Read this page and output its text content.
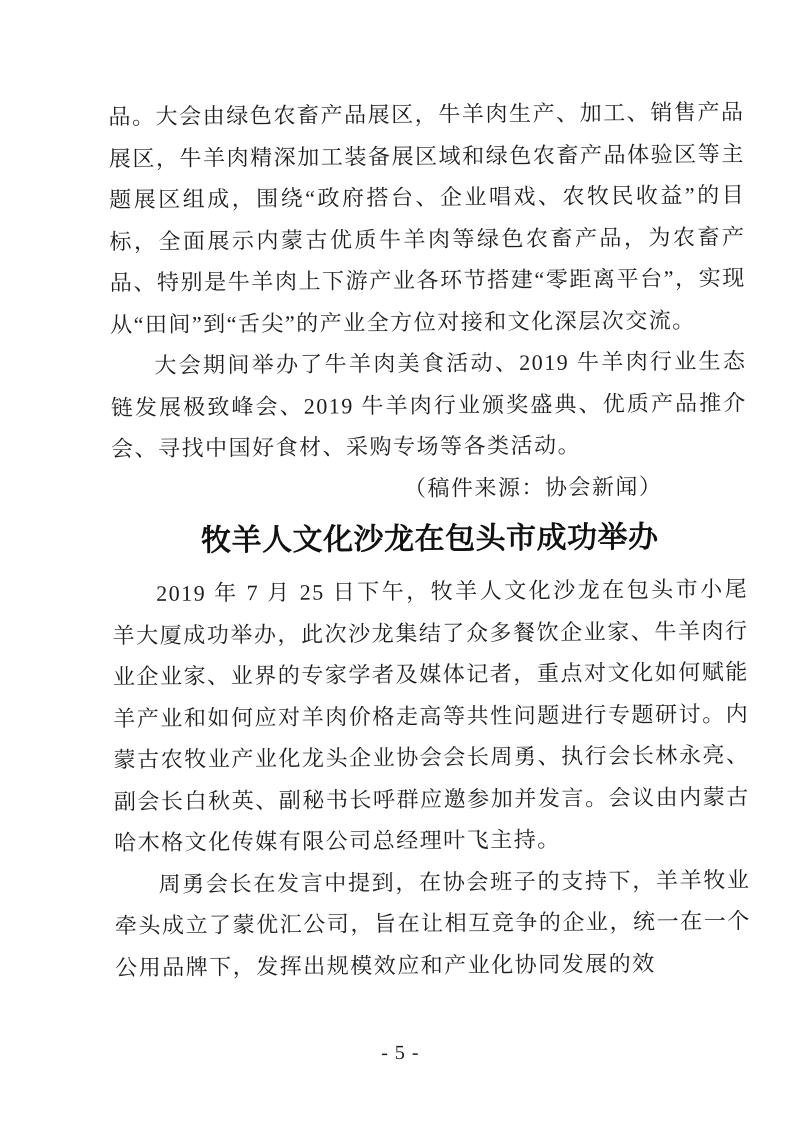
品。大会由绿色农畜产品展区，牛羊肉生产、加工、销售产品展区，牛羊肉精深加工装备展区域和绿色农畜产品体验区等主题展区组成，围绕“政府搭台、企业唱戏、农牧民收益”的目标，全面展示内蒙古优质牛羊肉等绿色农畜产品，为农畜产品、特别是牛羊肉上下游产业各环节搭建“零距离平台”，实现从“田间”到“舌尖”的产业全方位对接和文化深层次交流。

大会期间举办了牛羊肉美食活动、2019 牛羊肉行业生态链发展极致峰会、2019 牛羊肉行业颁奖盛典、优质产品推介会、寻找中国好食材、采购专场等各类活动。

（稿件来源：协会新闻）

牧羊人文化沙龙在包头市成功举办

2019 年 7 月 25 日下午，牧羊人文化沙龙在包头市小尾羊大厦成功举办，此次沙龙集结了众多餐饮企业家、牛羊肉行业企业家、业界的专家学者及媒体记者，重点对文化如何赋能羊产业和如何应对羊肉价格走高等共性问题进行专题研讨。内蒙古农牧业产业化龙头企业协会会长周勇、执行会长林永亮、副会长白秋英、副秘书长呼群应邀参加并发言。会议由内蒙古哈木格文化传媒有限公司总经理叶飞主持。

周勇会长在发言中提到，在协会班子的支持下，羊羊牧业牵头成立了蒙优汇公司，旨在让相互竞争的企业，统一在一个公用品牌下，发挥出规模效应和产业化协同发展的效

- 5 -
